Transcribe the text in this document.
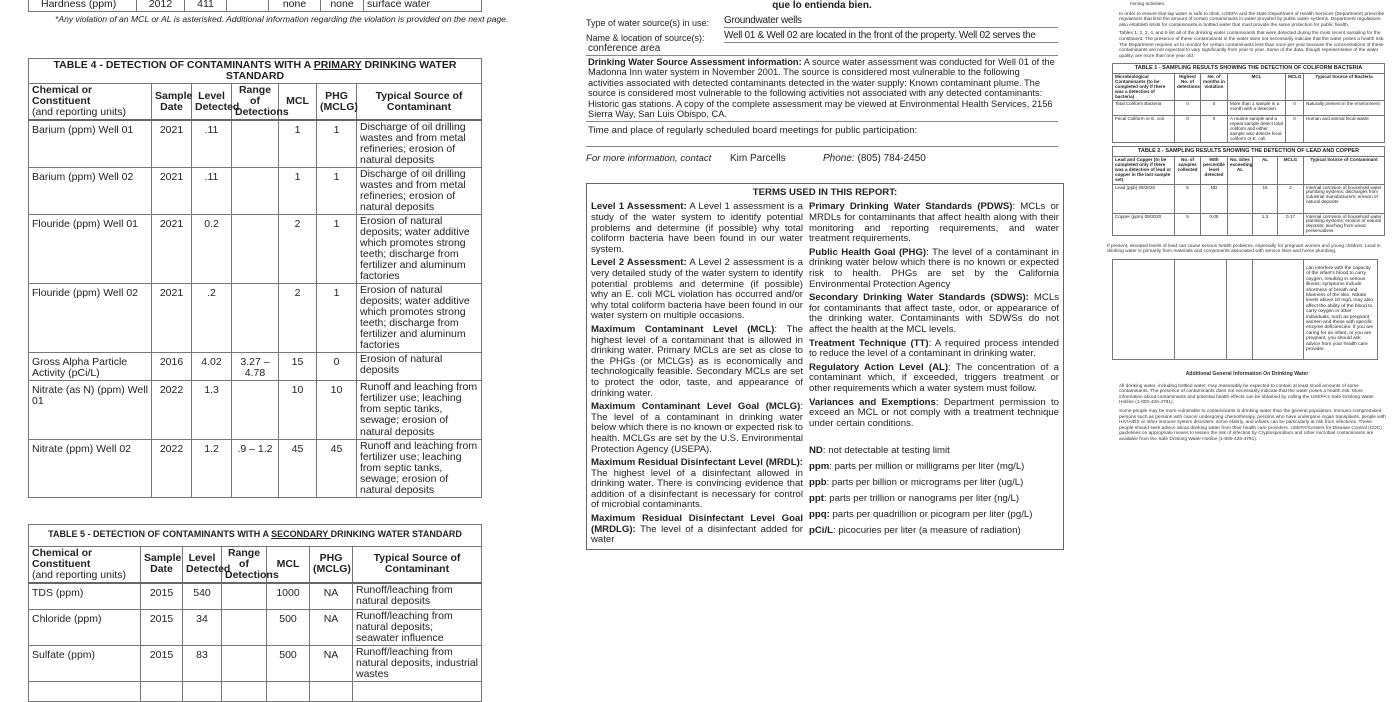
Hardness (ppm)	2012	411		none	none	surface water
*Any violation of an MCL or AL is asterisked. Additional information regarding the violation is provided on the next page.
TABLE 4 - DETECTION OF CONTAMINANTS WITH A PRIMARY DRINKING WATER STANDARD						

Chemical or Constituent
(and reporting units)	Sample Date	Level Detected	Range of Detections	MCL	PHG (MCLG)	Typical Source of Contaminant
Barium (ppm) Well 01	2021	.11		1	1	Discharge of oil drilling wastes and from metal refineries; erosion of natural deposits
Barium (ppm) Well 02	2021	.11		1	1	Discharge of oil drilling wastes and from metal refineries; erosion of natural deposits
Flouride (ppm) Well 01	2021	0.2		2	1	Erosion of natural deposits; water additive which promotes strong teeth; discharge from fertilizer and aluminum factories
Flouride (ppm) Well 02	2021	.2		2	1	Erosion of natural deposits; water additive which promotes strong teeth; discharge from fertilizer and aluminum factories
Gross Alpha Particle Activity (pCi/L)	2016	4.02	3.27 – 4.78	15	0	Erosion of natural deposits
Nitrate (as N) (ppm) Well 01	2022	1.3		10	10	Runoff and leaching from fertilizer use; leaching from septic tanks, sewage; erosion of natural deposits
Nitrate (ppm) Well 02	2022	1.2	.9 – 1.2	45	45	Runoff and leaching from fertilizer use; leaching from septic tanks, sewage; erosion of natural deposits
TABLE 5 - DETECTION OF CONTAMINANTS WITH A SECONDARY DRINKING WATER STANDARD						

Chemical or Constituent
(and reporting units)	Sample Date	Level Detected	Range of Detections	MCL	PHG (MCLG)	Typical Source of Contaminant
TDS (ppm)	2015	540		1000	NA	Runoff/leaching from natural deposits
Chloride (ppm)	2015	34		500	NA	Runoff/leaching from natural deposits; seawater influence
Sulfate (ppm)	2015	83		500	NA	Runoff/leaching from natural deposits, industrial wastes

que lo entienda bien.
Type of water source(s) in use:	Groundwater wells
Name & location of source(s):	Well 01 & Well 02 are located in the front of the property. Well 02 serves the
conference area
Drinking Water Source Assessment information: A source water assessment was conducted for Well 01 of the Madonna Inn water system in November 2001. The source is considered most vulnerable to the following activities associated with detected contaminants detected in the water supply: Known contaminant plume. The source is considered most vulnerable to the following activities not associated with any detected contaminants: Historic gas stations. A copy of the complete assessment may be viewed at Environmental Health Services, 2156 Sierra Way, San Luis Obispo, CA.
Time and place of regularly scheduled board meetings for public participation:
For more information, contact	Kim Parcells	Phone: (805) 784-2450
TERMS USED IN THIS REPORT:

Level 1 Assessment: A Level 1 assessment is a study of the water system to identify potential problems and determine (if possible) why total coliform bacteria have been found in our water system.

Level 2 Assessment: A Level 2 assessment is a very detailed study of the water system to identify potential problems and determine (if possible) why an E. coli MCL violation has occurred and/or why total coliform bacteria have been found in our water system on multiple occasions.

Maximum Contaminant Level (MCL): The highest level of a contaminant that is allowed in drinking water. Primary MCLs are set as close to the PHGs (or MCLGs) as is economically and technologically feasible. Secondary MCLs are set to protect the odor, taste, and appearance of drinking water.

Maximum Contaminant Level Goal (MCLG): The level of a contaminant in drinking water below which there is no known or expected risk to health. MCLGs are set by the U.S. Environmental Protection Agency (USEPA).

Maximum Residual Disinfectant Level (MRDL): The highest level of a disinfectant allowed in drinking water. There is convincing evidence that addition of a disinfectant is necessary for control of microbial contaminants.

Maximum Residual Disinfectant Level Goal (MRDLG): The level of a disinfectant added for water

Primary Drinking Water Standards (PDWS): MCLs or MRDLs for contaminants that affect health along with their monitoring and reporting requirements, and water treatment requirements.

Public Health Goal (PHG): The level of a contaminant in drinking water below which there is no known or expected risk to health. PHGs are set by the California Environmental Protection Agency

Secondary Drinking Water Standards (SDWS): MCLs for contaminants that affect taste, odor, or appearance of the drinking water. Contaminants with SDWSs do not affect the health at the MCL levels.

Treatment Technique (TT): A required process intended to reduce the level of a contaminant in drinking water.

Regulatory Action Level (AL): The concentration of a contaminant which, if exceeded, triggers treatment or other requirements which a water system must follow.

Variances and Exemptions: Department permission to exceed an MCL or not comply with a treatment technique under certain conditions.

ND: not detectable at testing limit

ppm: parts per million or milligrams per liter (mg/L)

ppb: parts per billion or micrograms per liter (ug/L)

ppt: parts per trillion or nanograms per liter (ng/L)

ppq: parts per quadrillion or picogram per liter (pg/L)

pCi/L: picocuries per liter (a measure of radiation)

mining activities.
In order to ensure that tap water is safe to drink, USEPA and the state Department of Health Services (Department) prescribe regulations that limit the amount of certain contaminants in water provided by public water systems. Department regulations also establish limits for contaminants in bottled water that must provide the same protection for public health.
Tables 1, 2, 3, 4, and 5 list all of the drinking water contaminants that were detected during the most recent sampling for the constituent. The presence of these contaminants in the water does not necessarily indicate that the water poses a health risk. The Department requires us to monitor for certain contaminants less than once per year because the concentrations of these contaminants are not expected to vary significantly from year to year. Some of the data, though representative of the water quality, are more than one year old.
TABLE 1 - SAMPLING RESULTS SHOWING THE DETECTION OF COLIFORM BACTERIA					
Microbiological Contaminants (to be completed only if there was a detection of bacteria)	Highest No. of detections	No. of months in violation	MCL	MCLG	Typical Source of Bacteria
Total Coliform Bacteria	0	0	More than 1 sample in a month with a detection	0	Naturally present in the environment
Fecal Coliform or E. coli	0	0	A routine sample and a repeat sample detect total coliform and either sample also detects fecal coliform or E. coli	0	Human and animal fecal waste
TABLE 2 - SAMPLING RESULTS SHOWING THE DETECTION OF LEAD AND COPPER						
Lead and Copper (to be completed only if there was a detection of lead or copper in the last sample set)	No. of samples collected	90th percentile level detected	No. Sites exceeding AL	AL	MCLG	Typical Source of Contaminant
Lead (ppb) 09/2020	5	ND		15	2	Internal corrosion of household water plumbing systems; discharges from industrial manufacturers; erosion of natural deposits
Copper (ppm) 09/2020	5	0.05		1.3	0.17	Internal corrosion of household water plumbing systems; erosion of natural deposits; leaching from wood preservatives
If present, elevated levels of lead can cause serious health problems, especially for pregnant women and young children. Lead in drinking water is primarily from materials and components associated with service lines and home plumbing.
				can interfere with the capacity of the infant's blood to carry oxygen, resulting in serious illness; symptoms include shortness of breath and blueness of the skin. Nitrate levels above 10 mg/L may also affect the ability of the blood to carry oxygen in other individuals, such as pregnant women and those with specific enzyme deficiencies. If you are caring for an infant, or you are pregnant, you should ask advice from your health care provider.
Additional General Information On Drinking Water
All drinking water, including bottled water, may reasonably be expected to contain at least small amounts of some contaminants. The presence of contaminants does not necessarily indicate that the water poses a health risk. More information about contaminants and potential health effects can be obtained by calling the USEPA's Safe Drinking Water Hotline (1-800-426-4791).
Some people may be more vulnerable to contaminants in drinking water than the general population. Immuno-compromised persons such as persons with cancer undergoing chemotherapy, persons who have undergone organ transplants, people with HIV/AIDS or other immune system disorders, some elderly, and infants can be particularly at risk from infections. These people should seek advice about drinking water from their health care providers. USEPA/Centers for Disease Control (CDC) guidelines on appropriate means to lessen the risk of infection by Cryptosporidium and other microbial contaminants are available from the Safe Drinking Water Hotline (1-800-426-4791).
